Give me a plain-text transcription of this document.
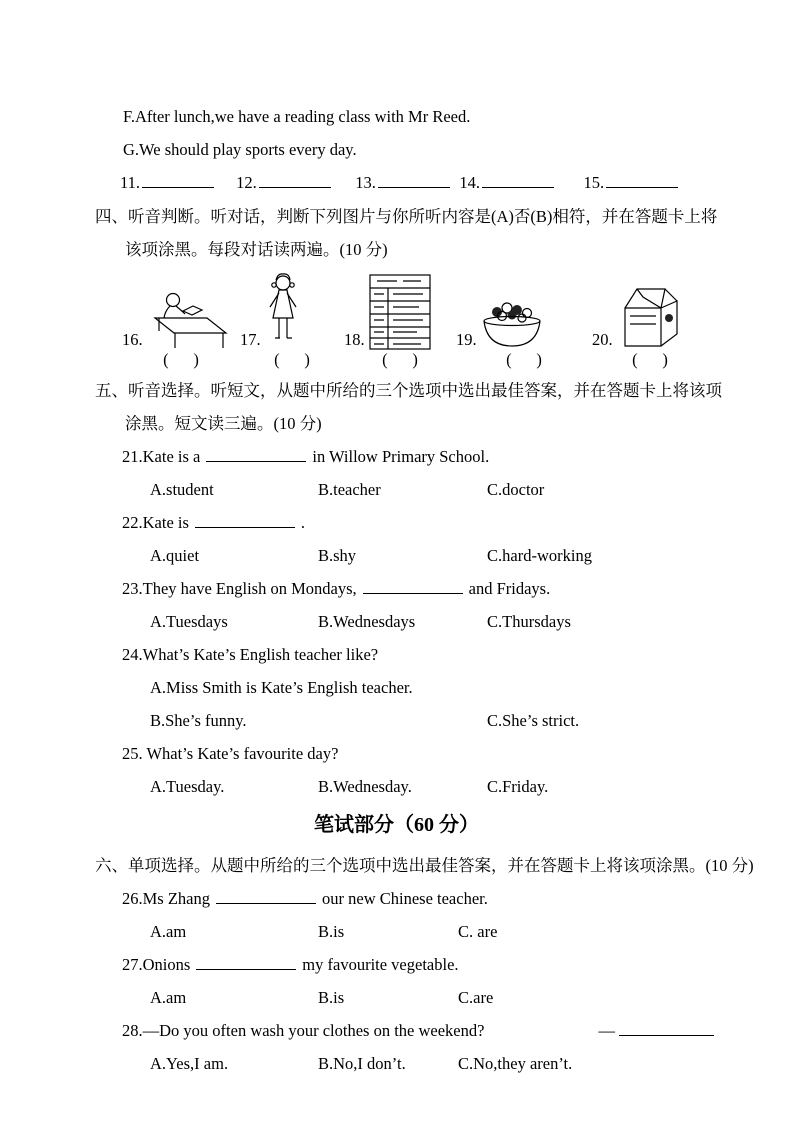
F.After lunch,we have a reading class with Mr Reed.
G.We should play sports every day.
11.	12.	13.	14.	15.
四、听音判断。听对话，判断下列图片与你所听内容是(A)否(B)相符，并在答题卡上将
该项涂黑。每段对话读两遍。(10 分)
16.
(      )
17.
(      )
18.
(      )
19.
(      )
20.
(      )
五、听音选择。听短文，从题中所给的三个选项中选出最佳答案，并在答题卡上将该项
涂黑。短文读三遍。(10 分)
21.Kate is a	in Willow Primary School.
A.student	B.teacher	C.doctor
22.Kate is	.
A.quiet	B.shy	C.hard-working
23.They have English on Mondays,	and Fridays.
A.Tuesdays	B.Wednesdays	C.Thursdays
24.What’s Kate’s English teacher like?
A.Miss Smith is Kate’s English teacher.
B.She’s funny.	C.She’s strict.
25. What’s Kate’s favourite day?
A.Tuesday.	B.Wednesday.	C.Friday.
笔试部分（60 分）
六、单项选择。从题中所给的三个选项中选出最佳答案，并在答题卡上将该项涂黑。(10 分)
26.Ms Zhang	our new Chinese teacher.
A.am	B.is	C. are
27.Onions	my favourite vegetable.
A.am	B.is	C.are
28.—Do you often wash your clothes on the weekend?	—
A.Yes,I am.	B.No,I don’t.	C.No,they aren’t.
